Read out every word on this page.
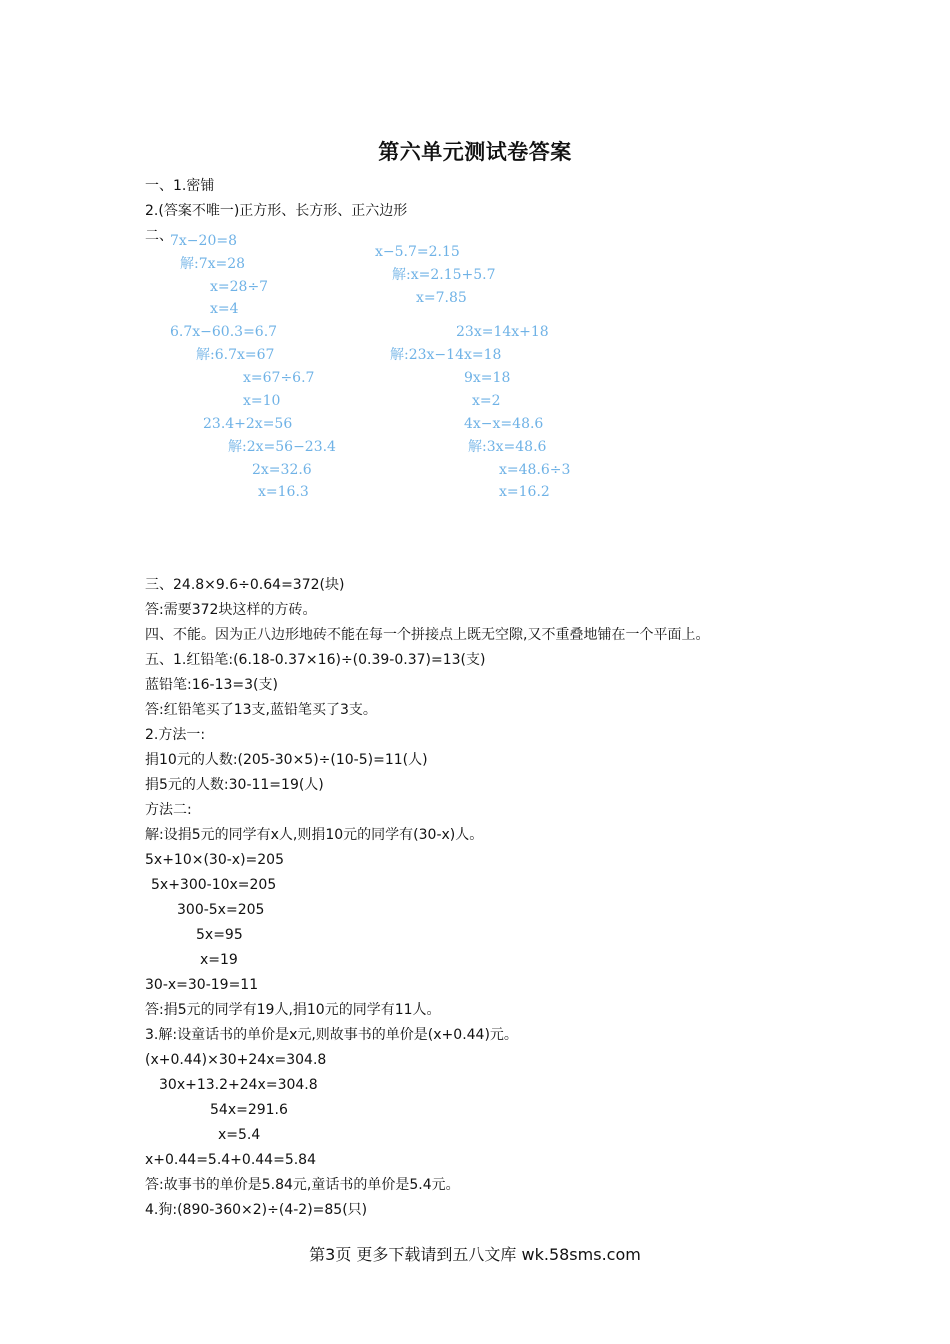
第六单元测试卷答案
一、1.密铺
2.(答案不唯一)正方形、长方形、正六边形
二、
7x−20=8
解:7x=28
x=28÷7
x=4
6.7x−60.3=6.7
解:6.7x=67
x=67÷6.7
x=10
23.4+2x=56
解:2x=56−23.4
2x=32.6
x=16.3
x−5.7=2.15
解:x=2.15+5.7
x=7.85
23x=14x+18
解:23x−14x=18
9x=18
x=2
4x−x=48.6
解:3x=48.6
x=48.6÷3
x=16.2
三、24.8×9.6÷0.64=372(块)
答:需要372块这样的方砖。
四、不能。因为正八边形地砖不能在每一个拼接点上既无空隙,又不重叠地铺在一个平面上。
五、1.红铅笔:(6.18-0.37×16)÷(0.39-0.37)=13(支)
蓝铅笔:16-13=3(支)
答:红铅笔买了13支,蓝铅笔买了3支。
2.方法一:
捐10元的人数:(205-30×5)÷(10-5)=11(人)
捐5元的人数:30-11=19(人)
方法二:
解:设捐5元的同学有x人,则捐10元的同学有(30-x)人。
5x+10×(30-x)=205
5x+300-10x=205
300-5x=205
5x=95
x=19
30-x=30-19=11
答:捐5元的同学有19人,捐10元的同学有11人。
3.解:设童话书的单价是x元,则故事书的单价是(x+0.44)元。
(x+0.44)×30+24x=304.8
30x+13.2+24x=304.8
54x=291.6
x=5.4
x+0.44=5.4+0.44=5.84
答:故事书的单价是5.84元,童话书的单价是5.4元。
4.狗:(890-360×2)÷(4-2)=85(只)
第3页 更多下载请到五八文库 wk.58sms.com
